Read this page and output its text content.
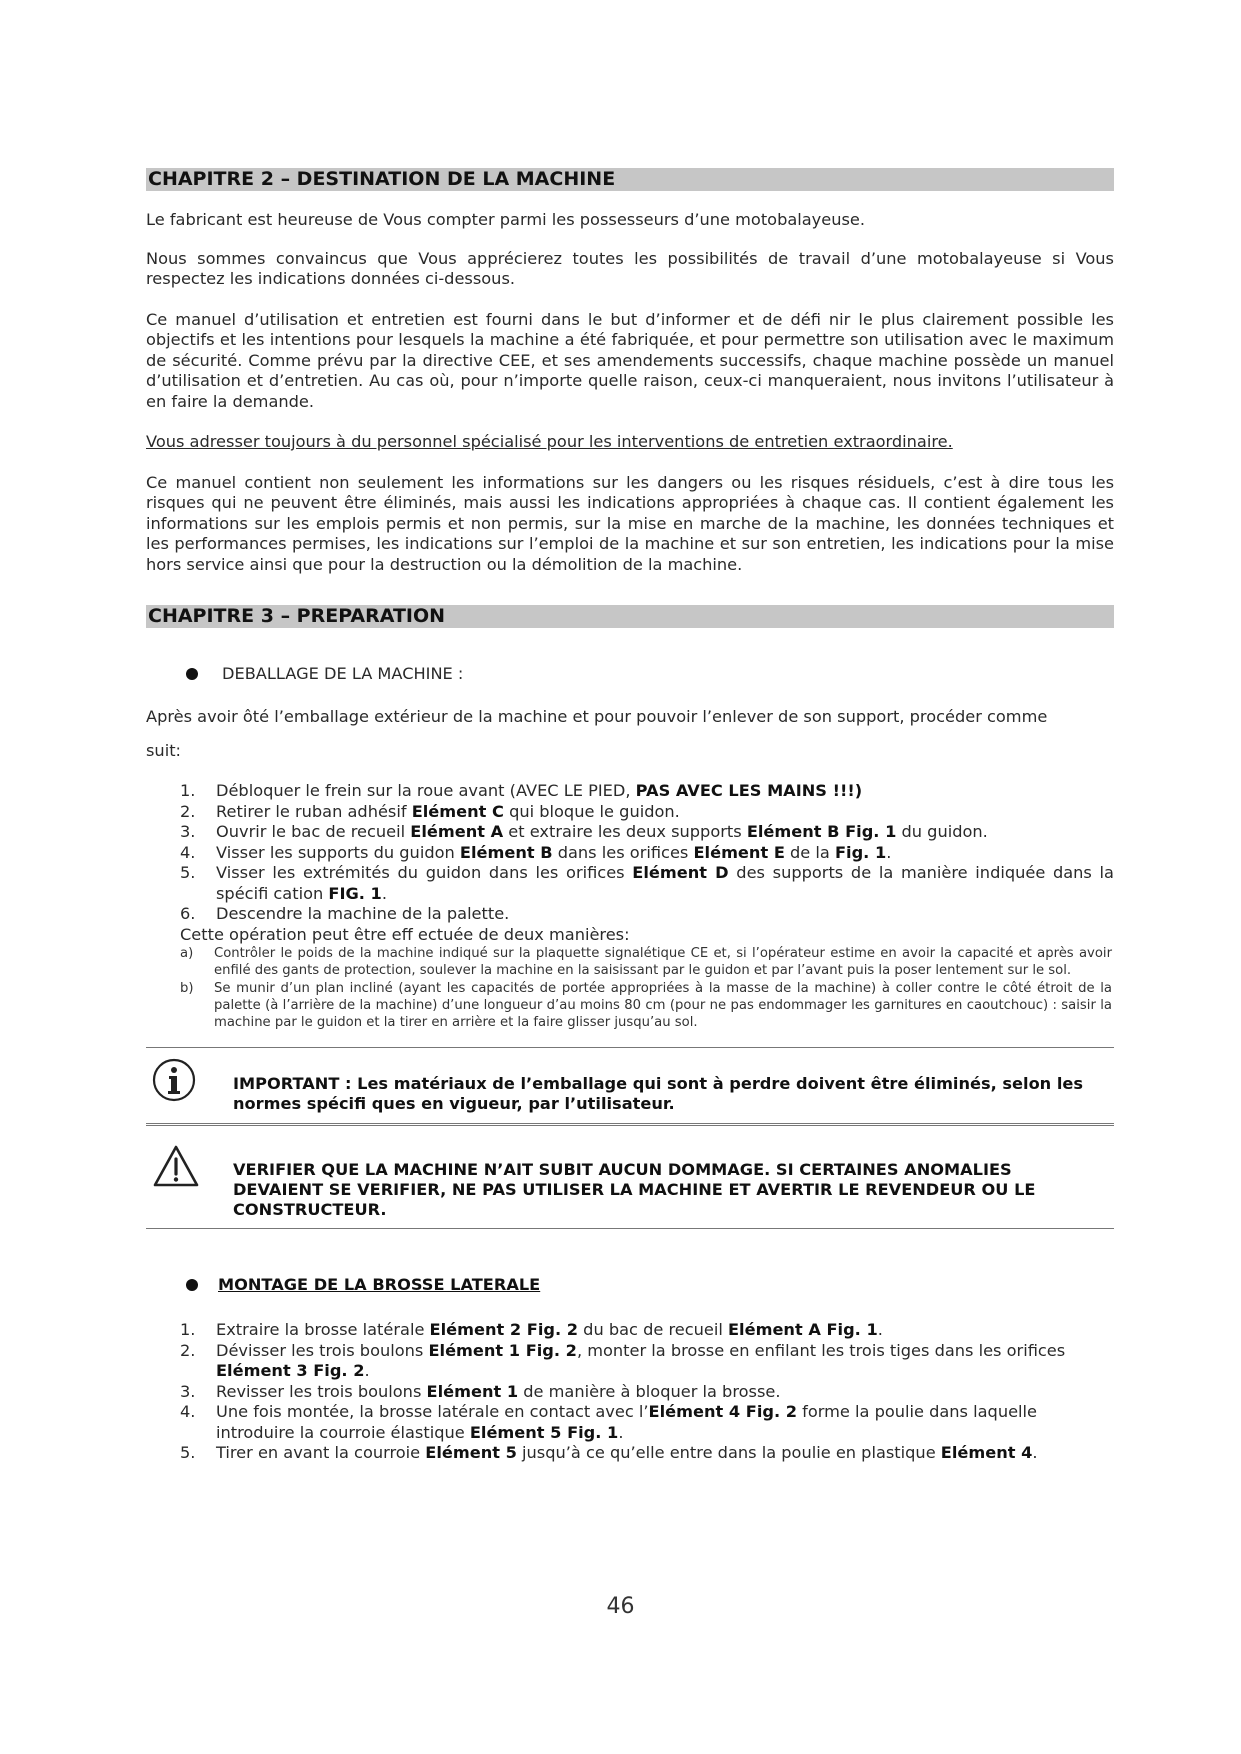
CHAPITRE 2 – DESTINATION DE LA MACHINE

Le fabricant est heureuse de Vous compter parmi les possesseurs d’une motobalayeuse.

Nous sommes convaincus que Vous apprécierez toutes les possibilités de travail d’une motobalayeuse si Vous respectez les indications données ci-dessous.

Ce manuel d’utilisation et entretien est fourni dans le but d’informer et de défi nir le plus clairement possible les objectifs et les intentions pour lesquels la machine a été fabriquée, et pour permettre son utilisation avec le maximum de sécurité. Comme prévu par la directive CEE, et ses amendements successifs, chaque machine possède un manuel d’utilisation et d’entretien. Au cas où, pour n’importe quelle raison, ceux-ci manqueraient, nous invitons l’utilisateur à en faire la demande.

Vous adresser toujours à du personnel spécialisé pour les interventions de entretien extraordinaire.

Ce manuel contient non seulement les informations sur les dangers ou les risques résiduels, c’est à dire tous les risques qui ne peuvent être éliminés, mais aussi les indications appropriées à chaque cas. Il contient également les informations sur les emplois permis et non permis, sur la mise en marche de la machine, les données techniques et les performances permises, les indications sur l’emploi de la machine et sur son entretien, les indications pour la mise hors service ainsi que pour la destruction ou la démolition de la machine.

CHAPITRE 3 – PREPARATION
DEBALLAGE DE LA MACHINE :

Après avoir ôté l’emballage extérieur de la machine et pour pouvoir l’enlever de son support, procéder comme

suit:

1.	Débloquer le frein sur la roue avant (AVEC LE PIED, PAS AVEC LES MAINS !!!)
2.	Retirer le ruban adhésif Elément C qui bloque le guidon.
3.	Ouvrir le bac de recueil Elément A et extraire les deux supports Elément B Fig. 1 du guidon.
4.	Visser les supports du guidon Elément B dans les orifices Elément E de la Fig. 1.
5.	Visser les extrémités du guidon dans les orifices Elément D des supports de la manière indiquée dans la spécifi cation FIG. 1.
6.	Descendre la machine de la palette.
Cette opération peut être eff ectuée de deux manières:
a)	Contrôler le poids de la machine indiqué sur la plaquette signalétique CE et, si l’opérateur estime en avoir la capacité et après avoir enfilé des gants de protection, soulever la machine en la saisissant par le guidon et par l’avant puis la poser lentement sur le sol.
b)	Se munir d’un plan incliné (ayant les capacités de portée appropriées à la masse de la machine) à coller contre le côté étroit de la palette (à l’arrière de la machine) d’une longueur d’au moins 80 cm (pour ne pas endommager les garnitures en caoutchouc) : saisir la machine par le guidon et la tirer en arrière et la faire glisser jusqu’au sol.
IMPORTANT : Les matériaux de l’emballage qui sont à perdre doivent être éliminés, selon les normes spécifi ques en vigueur, par l’utilisateur.
VERIFIER QUE LA MACHINE N’AIT SUBIT AUCUN DOMMAGE. SI CERTAINES ANOMALIES DEVAIENT SE VERIFIER, NE PAS UTILISER LA MACHINE ET AVERTIR LE REVENDEUR OU LE CONSTRUCTEUR.
MONTAGE DE LA BROSSE LATERALE
1.	Extraire la brosse latérale Elément 2 Fig. 2 du bac de recueil Elément A Fig. 1.
2.	Dévisser les trois boulons Elément 1 Fig. 2, monter la brosse en enfilant les trois tiges dans les orifices Elément 3 Fig. 2.
3.	Revisser les trois boulons Elément 1 de manière à bloquer la brosse.
4.	Une fois montée, la brosse latérale en contact avec l’Elément 4 Fig. 2 forme la poulie dans laquelle introduire la courroie élastique Elément 5 Fig. 1.
5.	Tirer en avant la courroie Elément 5 jusqu’à ce qu’elle entre dans la poulie en plastique Elément 4.
46
